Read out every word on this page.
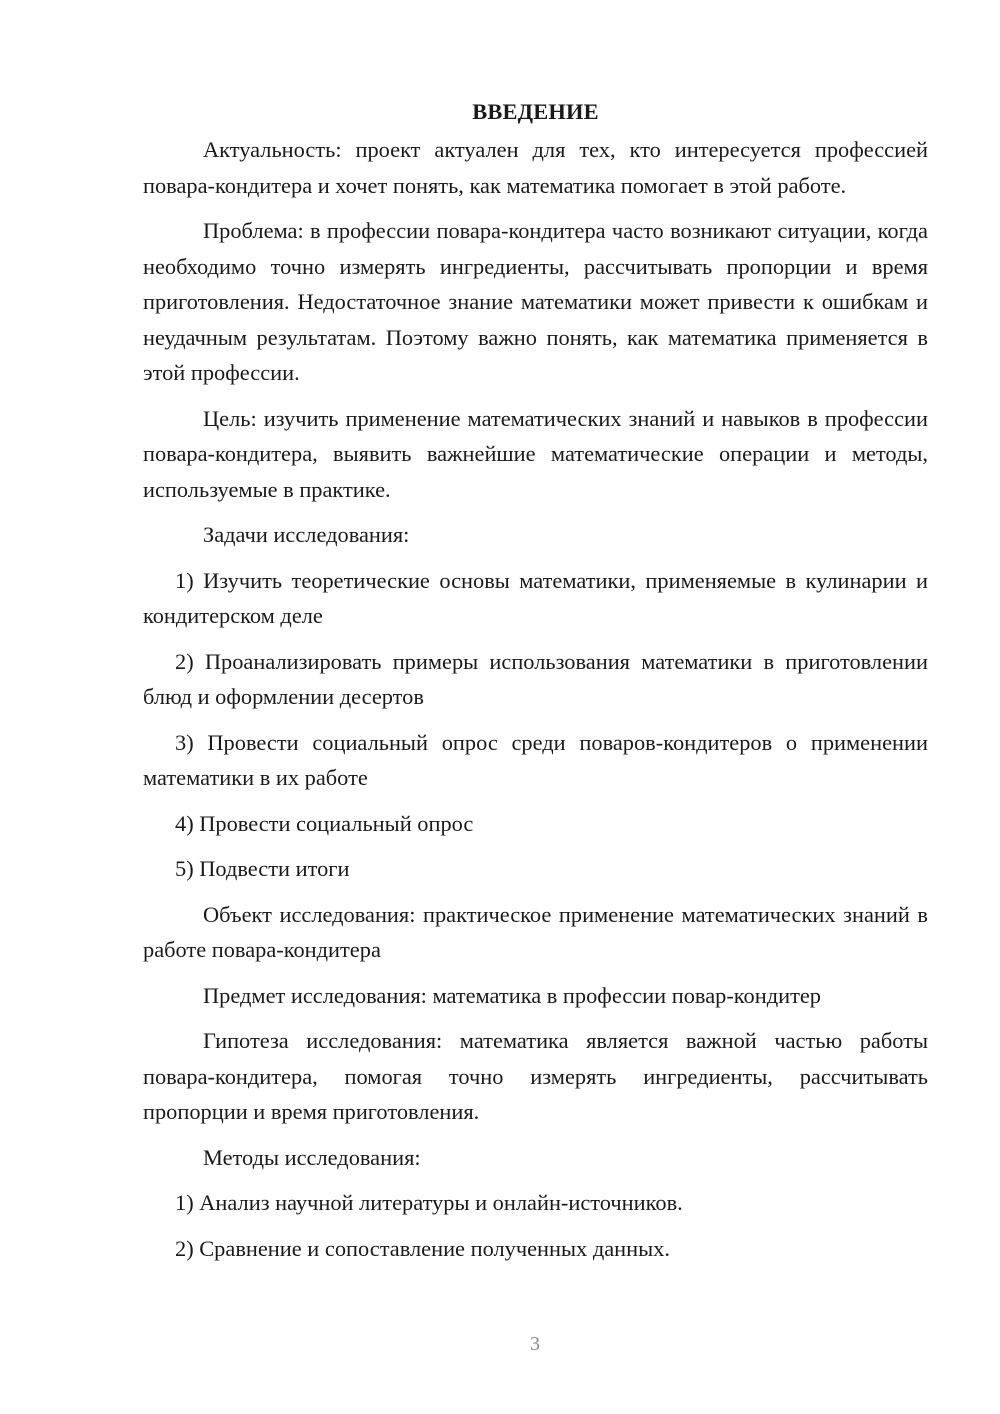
ВВЕДЕНИЕ

Актуальность: проект актуален для тех, кто интересуется профессией повара-кондитера и хочет понять, как математика помогает в этой работе.

Проблема: в профессии повара-кондитера часто возникают ситуации, когда необходимо точно измерять ингредиенты, рассчитывать пропорции и время приготовления. Недостаточное знание математики может привести к ошибкам и неудачным результатам. Поэтому важно понять, как математика применяется в этой профессии.

Цель: изучить применение математических знаний и навыков в профессии повара-кондитера, выявить важнейшие математические операции и методы, используемые в практике.

Задачи исследования:

1) Изучить теоретические основы математики, применяемые в кулинарии и кондитерском деле

2) Проанализировать примеры использования математики в приготовлении блюд и оформлении десертов

3) Провести социальный опрос среди поваров-кондитеров о применении математики в их работе

4) Провести социальный опрос

5) Подвести итоги

Объект исследования: практическое применение математических знаний в работе повара-кондитера

Предмет исследования: математика в профессии повар-кондитер

Гипотеза исследования: математика является важной частью работы повара-кондитера, помогая точно измерять ингредиенты, рассчитывать пропорции и время приготовления.

Методы исследования:

1) Анализ научной литературы и онлайн-источников.

2) Сравнение и сопоставление полученных данных.

3
